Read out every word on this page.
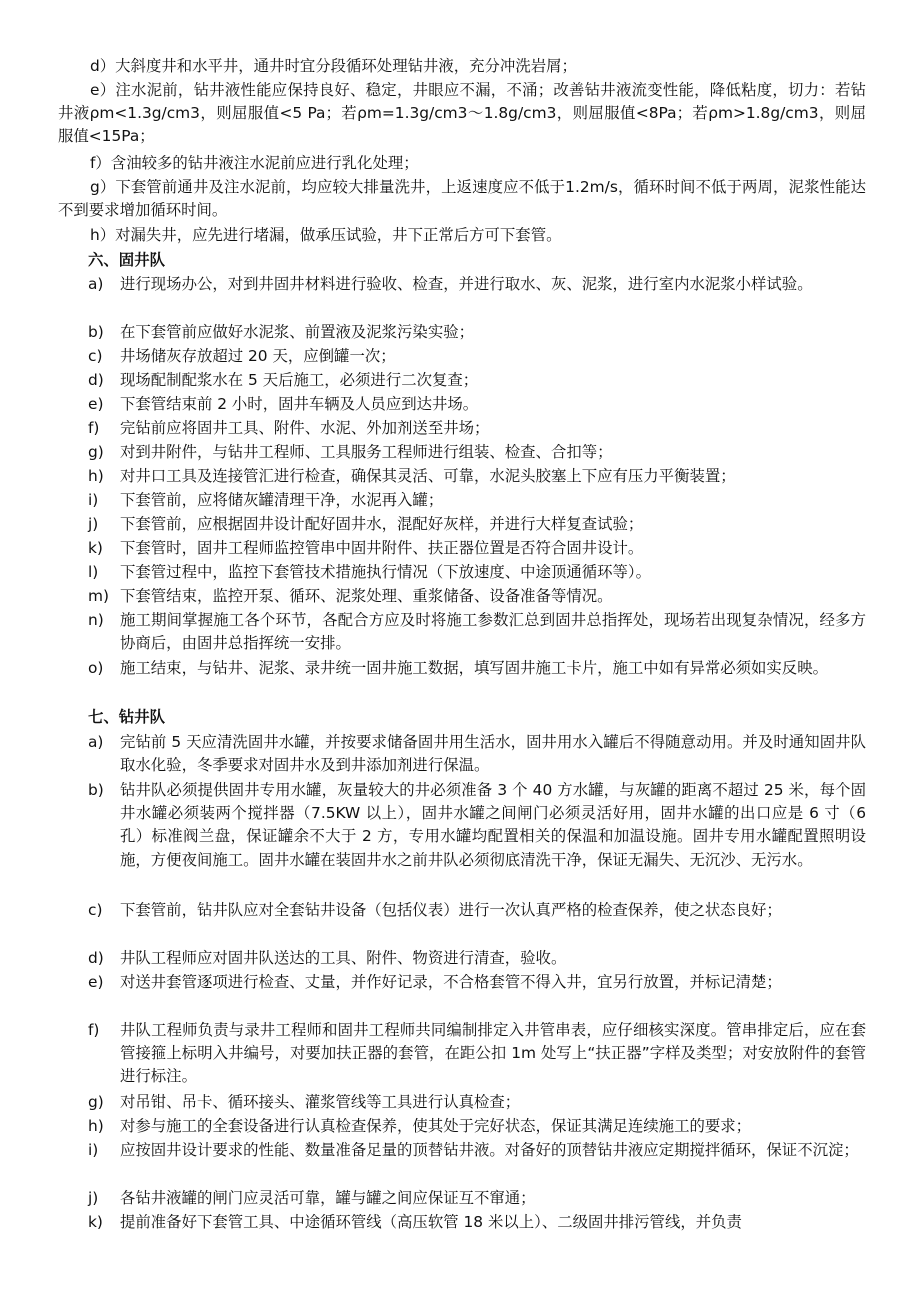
d）大斜度井和水平井，通井时宜分段循环处理钻井液，充分冲洗岩屑；
e）注水泥前，钻井液性能应保持良好、稳定，井眼应不漏，不涌；改善钻井液流变性能，降低粘度，切力：若钻井液ρm<1.3g/cm3，则屈服值<5 Pa；若ρm=1.3g/cm3～1.8g/cm3，则屈服值<8Pa；若ρm>1.8g/cm3，则屈服值<15Pa；
f）含油较多的钻井液注水泥前应进行乳化处理；
g）下套管前通井及注水泥前，均应较大排量洗井，上返速度应不低于1.2m/s，循环时间不低于两周，泥浆性能达不到要求增加循环时间。
h）对漏失井，应先进行堵漏，做承压试验，井下正常后方可下套管。
六、固井队
a)	进行现场办公，对到井固井材料进行验收、检查，并进行取水、灰、泥浆，进行室内水泥浆小样试验。
b)	在下套管前应做好水泥浆、前置液及泥浆污染实验；
c)	井场储灰存放超过 20 天，应倒罐一次；
d)	现场配制配浆水在 5 天后施工，必须进行二次复查；
e)	下套管结束前 2 小时，固井车辆及人员应到达井场。
f)	完钻前应将固井工具、附件、水泥、外加剂送至井场；
g)	对到井附件，与钻井工程师、工具服务工程师进行组装、检查、合扣等；
h)	对井口工具及连接管汇进行检查，确保其灵活、可靠，水泥头胶塞上下应有压力平衡装置；
i)	下套管前，应将储灰罐清理干净，水泥再入罐；
j)	下套管前，应根据固井设计配好固井水，混配好灰样，并进行大样复查试验；
k)	下套管时，固井工程师监控管串中固井附件、扶正器位置是否符合固井设计。
l)	下套管过程中，监控下套管技术措施执行情况（下放速度、中途顶通循环等）。
m) 下套管结束，监控开泵、循环、泥浆处理、重浆储备、设备准备等情况。
n)	施工期间掌握施工各个环节，各配合方应及时将施工参数汇总到固井总指挥处，现场若出现复杂情况，经多方协商后，由固井总指挥统一安排。
o)	施工结束，与钻井、泥浆、录井统一固井施工数据，填写固井施工卡片，施工中如有异常必须如实反映。
七、钻井队
a)	完钻前 5 天应清洗固井水罐，并按要求储备固井用生活水，固井用水入罐后不得随意动用。并及时通知固井队取水化验，冬季要求对固井水及到井添加剂进行保温。
b)	钻井队必须提供固井专用水罐，灰量较大的井必须准备 3 个 40 方水罐，与灰罐的距离不超过 25 米，每个固井水罐必须装两个搅拌器（7.5KW 以上），固井水罐之间闸门必须灵活好用，固井水罐的出口应是 6 寸（6 孔）标准阀兰盘，保证罐余不大于 2 方，专用水罐均配置相关的保温和加温设施。固井专用水罐配置照明设施，方便夜间施工。固井水罐在装固井水之前井队必须彻底清洗干净，保证无漏失、无沉沙、无污水。
c)	下套管前，钻井队应对全套钻井设备（包括仪表）进行一次认真严格的检查保养，使之状态良好；
d)	井队工程师应对固井队送达的工具、附件、物资进行清查，验收。
e)	对送井套管逐项进行检查、丈量，并作好记录，不合格套管不得入井，宜另行放置，并标记清楚；
f)	井队工程师负责与录井工程师和固井工程师共同编制排定入井管串表，应仔细核实深度。管串排定后，应在套管接箍上标明入井编号，对要加扶正器的套管，在距公扣 1m 处写上“扶正器”字样及类型；对安放附件的套管进行标注。
g)	对吊钳、吊卡、循环接头、灌浆管线等工具进行认真检查；
h)	对参与施工的全套设备进行认真检查保养，使其处于完好状态，保证其满足连续施工的要求；
i)	应按固井设计要求的性能、数量准备足量的顶替钻井液。对备好的顶替钻井液应定期搅拌循环，保证不沉淀；
j)	各钻井液罐的闸门应灵活可靠，罐与罐之间应保证互不窜通；
k)	提前准备好下套管工具、中途循环管线（高压软管 18 米以上）、二级固井排污管线，并负责
